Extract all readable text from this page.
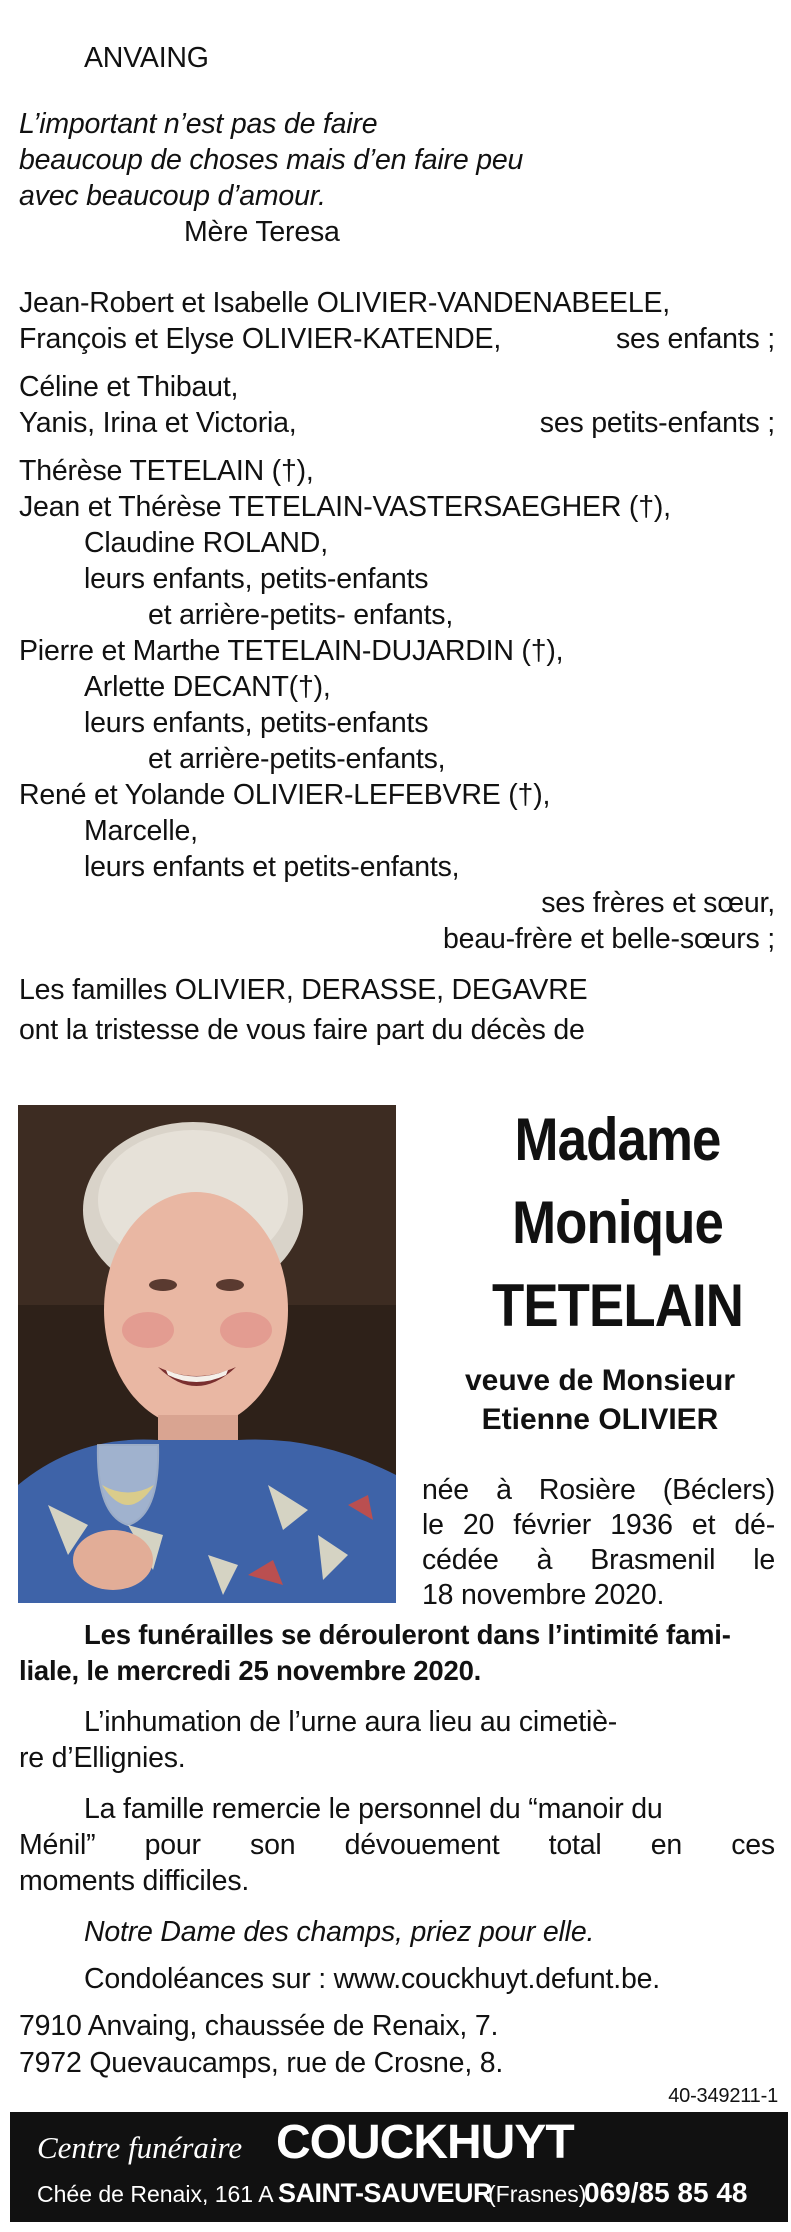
ANVAING
L’important n’est pas de faire
beaucoup de choses mais d’en faire peu
avec beaucoup d’amour.
Mère Teresa
Jean-Robert et Isabelle OLIVIER-VANDENABEELE,
François et Elyse OLIVIER-KATENDE,	ses enfants ;
Céline et Thibaut,
Yanis, Irina et Victoria,	ses petits-enfants ;
Thérèse TETELAIN (†),
Jean et Thérèse TETELAIN-VASTERSAEGHER (†),
Claudine ROLAND,
leurs enfants, petits-enfants
et arrière-petits- enfants,
Pierre et Marthe TETELAIN-DUJARDIN (†),
Arlette DECANT(†),
leurs enfants, petits-enfants
et arrière-petits-enfants,
René et Yolande OLIVIER-LEFEBVRE (†),
Marcelle,
leurs enfants et petits-enfants,
ses frères et sœur,
beau-frère et belle-sœurs ;
Les familles OLIVIER, DERASSE, DEGAVRE
ont la tristesse de vous faire part du décès de
Madame
Monique
TETELAIN
veuve de Monsieur
Etienne OLIVIER
née à Rosière (Béclers)
le 20 février 1936 et dé-
cédée à Brasmenil le
18 novembre 2020.
Les funérailles se dérouleront dans l’intimité fami-
liale, le mercredi 25 novembre 2020.
L’inhumation de l’urne aura lieu au cimetiè-
re d’Ellignies.
La famille remercie le personnel du “manoir du
Ménil” pour son dévouement total en ces
moments difficiles.
Notre Dame des champs, priez pour elle.
Condoléances sur : www.couckhuyt.defunt.be.
7910 Anvaing, chaussée de Renaix, 7.
7972 Quevaucamps, rue de Crosne, 8.
40-349211-1
Centre funéraire COUCKHUYT
Chée de Renaix, 161 A SAINT-SAUVEUR
(Frasnes)
069/85 85 48
